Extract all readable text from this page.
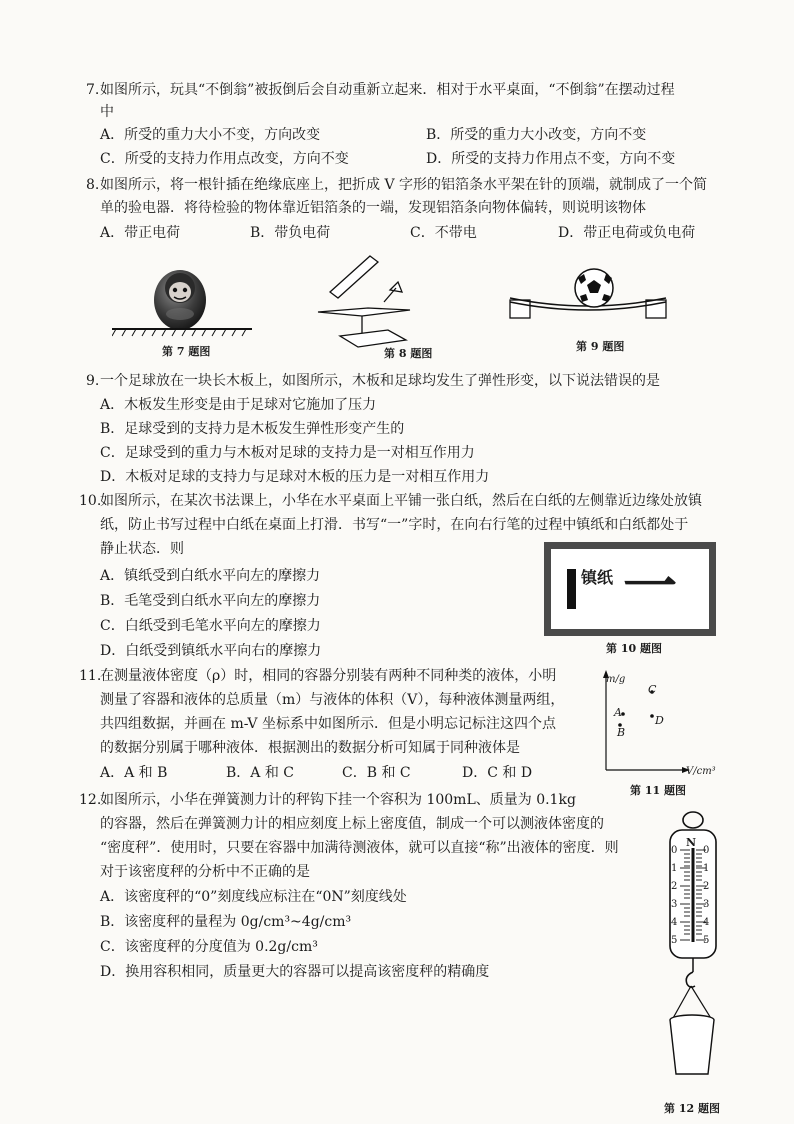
7. 如图所示，玩具“不倒翁”被扳倒后会自动重新立起来．相对于水平桌面，“不倒翁”在摆动过程
中
A．所受的重力大小不变，方向改变	B．所受的重力大小改变，方向不变
C．所受的支持力作用点改变，方向不变	D．所受的支持力作用点不变，方向不变
8. 如图所示，将一根针插在绝缘底座上，把折成 V 字形的铝箔条水平架在针的顶端，就制成了一个简
单的验电器．将待检验的物体靠近铝箔条的一端，发现铝箔条向物体偏转，则说明该物体
A．带正电荷	B．带负电荷	C．不带电	D．带正电荷或负电荷
第 7 题图	第 8 题图
第 9 题图
9. 一个足球放在一块长木板上，如图所示，木板和足球均发生了弹性形变，以下说法错误的是
A．木板发生形变是由于足球对它施加了压力
B．足球受到的支持力是木板发生弹性形变产生的
C．足球受到的重力与木板对足球的支持力是一对相互作用力
D．木板对足球的支持力与足球对木板的压力是一对相互作用力
10.
如图所示，在某次书法课上，小华在水平桌面上平铺一张白纸，然后在白纸的左侧靠近边缘处放镇
纸，防止书写过程中白纸在桌面上打滑．书写“一”字时，在向右行笔的过程中镇纸和白纸都处于
静止状态．则
A．镇纸受到白纸水平向左的摩擦力
B．毛笔受到白纸水平向左的摩擦力
C．白纸受到毛笔水平向左的摩擦力
D．白纸受到镇纸水平向右的摩擦力
镇纸 一
第 10 题图
11.
在测量液体密度（ρ）时，相同的容器分别装有两种不同种类的液体，小明
测量了容器和液体的总质量（m）与液体的体积（V），每种液体测量两组，
共四组数据，并画在 m-V 坐标系中如图所示．但是小明忘记标注这四个点
的数据分别属于哪种液体．根据测出的数据分析可知属于同种液体是
A．A 和 B	B．A 和 C	C．B 和 C	D．C 和 D
m/g
V/cm³
A
B
C
D
第 11 题图
12.
如图所示，小华在弹簧测力计的秤钩下挂一个容积为 100mL、质量为 0.1kg
的容器，然后在弹簧测力计的相应刻度上标上密度值，制成一个可以测液体密度的
“密度秤”．使用时，只要在容器中加满待测液体，就可以直接“称”出液体的密度．则
对于该密度秤的分析中不正确的是
A．该密度秤的“0”刻度线应标注在“0N”刻度线处
B．该密度秤的量程为 0g/cm³~4g/cm³
C．该密度秤的分度值为 0.2g/cm³
D．换用容积相同，质量更大的容器可以提高该密度秤的精确度
N
0
1
2
3
4
5
0
1
2
3
4
5
第 12 题图
